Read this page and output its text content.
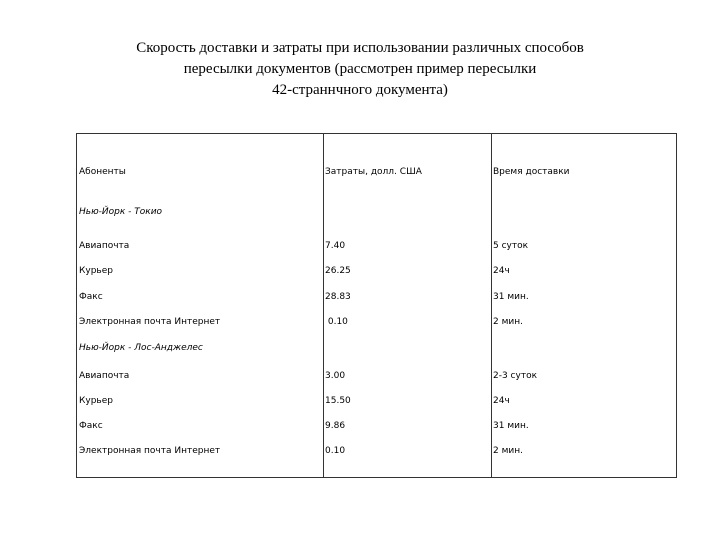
Скорость доставки и затраты при использовании различных способов
пересылки документов (рассмотрен пример пересылки
42-страннчного документа)
Абоненты	Затраты, долл. США	Время доставки
Нью-Йорк - Токио
Авиапочта	7.40	5 суток
Курьер	26.25	24ч
Факс	28.83	31 мин.
Электронная почта Интернет	0.10	2 мин.
Нью-Йорк - Лос-Анджелес
Авиапочта	3.00	2-3 суток
Курьер	15.50	24ч
Факс	9.86	31 мин.
Электронная почта Интернет	0.10	2 мин.
